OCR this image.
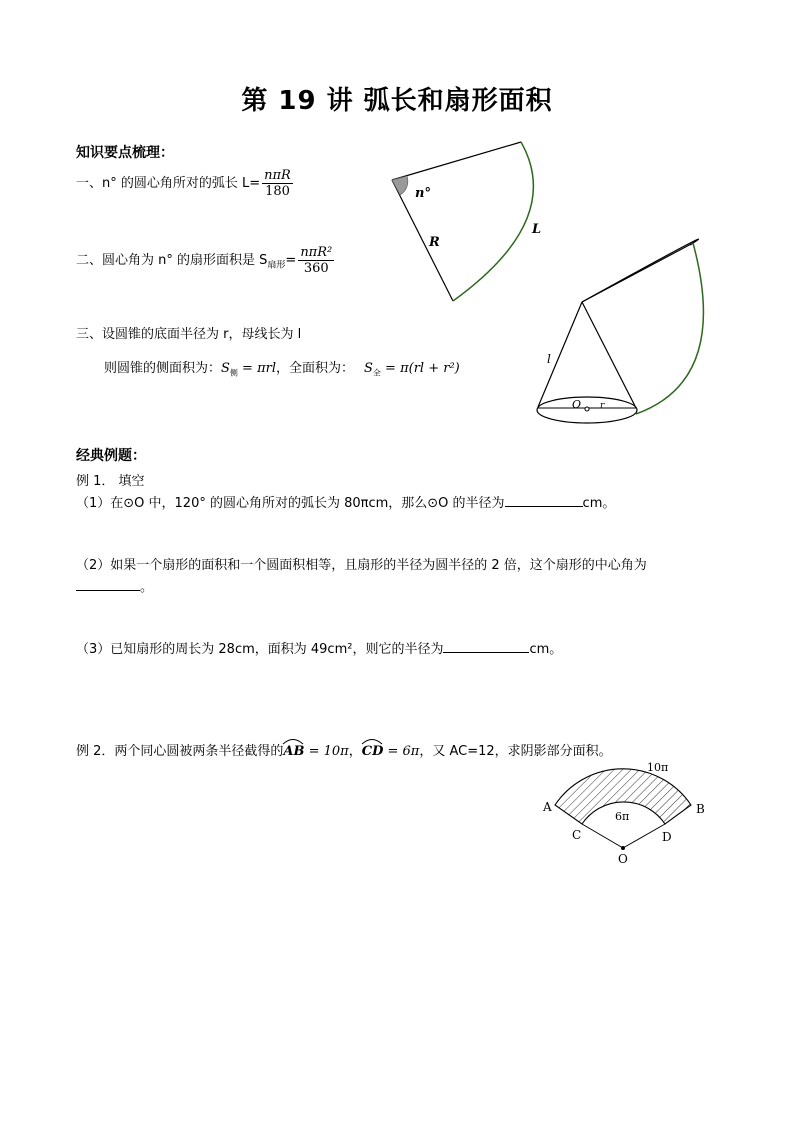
第 19 讲 弧长和扇形面积
知识要点梳理：
一、n° 的圆心角所对的弧长 $L= \frac{\text{nπR}}{180}$
二、圆心角为 n° 的扇形面积是 $S_{扇形}= \frac{\text{nπR²}}{360}$
三、设圆锥的底面半径为 r，母线长为 l
则圆锥的侧面积为：$S_侧 = \pi rl$，全面积为： $S_全 = \pi(rl + r^2)$
n°
R
L
l
O r
经典例题：
例 1． 填空
（1）在⊙O 中，120° 的圆心角所对的弧长为 80πcm，那么⊙O 的半径为	cm。
（2）如果一个扇形的面积和一个圆面积相等，且扇形的半径为圆半径的 2 倍，这个扇形的中心角为
。
（3）已知扇形的周长为 28cm，面积为 49cm²，则它的半径为	cm。
例 2．两个同心圆被两条半径截得的
AB = 10π，
CD = 6π，又 AC=12，求阴影部分面积。
A	B
C	D
O
10π
6π
